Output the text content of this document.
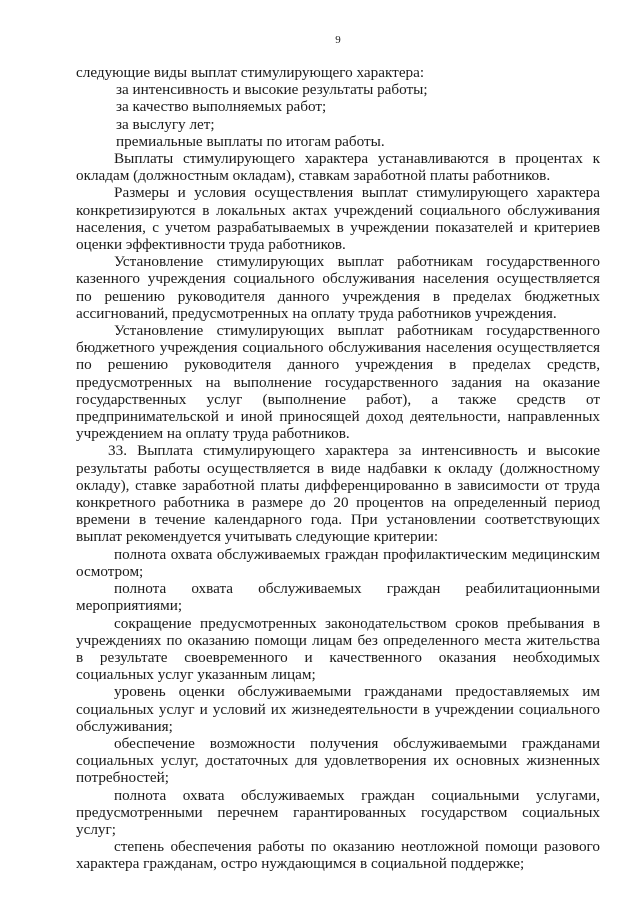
9

следующие виды выплат стимулирующего характера:

за интенсивность и высокие результаты работы;

за качество выполняемых работ;

за выслугу лет;

премиальные выплаты по итогам работы.

Выплаты стимулирующего характера устанавливаются в процентах к

окладам (должностным окладам), ставкам заработной платы работников.

Размеры и условия осуществления выплат стимулирующего характера

конкретизируются в локальных актах учреждений социального обслуживания

населения, с учетом разрабатываемых в учреждении показателей и критериев

оценки эффективности труда работников.

Установление стимулирующих выплат работникам государственного

казенного учреждения социального обслуживания населения осуществляется

по решению руководителя данного учреждения в пределах бюджетных

ассигнований, предусмотренных на оплату труда работников учреждения.

Установление стимулирующих выплат работникам государственного

бюджетного учреждения социального обслуживания населения осуществляется

по решению руководителя данного учреждения в пределах средств,

предусмотренных на выполнение государственного задания на оказание

государственных услуг (выполнение работ), а также средств от

предпринимательской и иной приносящей доход деятельности, направленных

учреждением на оплату труда работников.

33. Выплата стимулирующего характера за интенсивность и высокие

результаты работы осуществляется в виде надбавки к окладу (должностному

окладу), ставке заработной платы дифференцированно в зависимости от труда

конкретного работника в размере до 20 процентов на определенный период

времени в течение календарного года. При установлении соответствующих

выплат рекомендуется учитывать следующие критерии:

полнота охвата обслуживаемых граждан профилактическим медицинским

осмотром;

полнота охвата обслуживаемых граждан реабилитационными

мероприятиями;

сокращение предусмотренных законодательством сроков пребывания в

учреждениях по оказанию помощи лицам без определенного места жительства

в результате своевременного и качественного оказания необходимых

социальных услуг указанным лицам;

уровень оценки обслуживаемыми гражданами предоставляемых им

социальных услуг и условий их жизнедеятельности в учреждении социального

обслуживания;

обеспечение возможности получения обслуживаемыми гражданами

социальных услуг, достаточных для удовлетворения их основных жизненных

потребностей;

полнота охвата обслуживаемых граждан социальными услугами,

предусмотренными перечнем гарантированных государством социальных

услуг;

степень обеспечения работы по оказанию неотложной помощи разового

характера гражданам, остро нуждающимся в социальной поддержке;
